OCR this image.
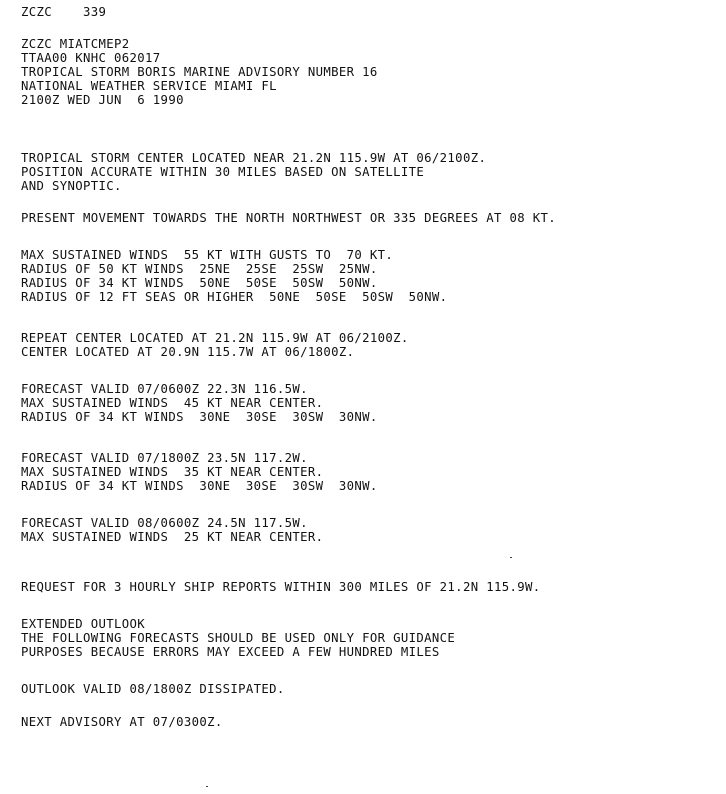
ZCZC    339
ZCZC MIATCMEP2
TTAA00 KNHC 062017
TROPICAL STORM BORIS MARINE ADVISORY NUMBER 16
NATIONAL WEATHER SERVICE MIAMI FL
2100Z WED JUN  6 1990
TROPICAL STORM CENTER LOCATED NEAR 21.2N 115.9W AT 06/2100Z.
POSITION ACCURATE WITHIN 30 MILES BASED ON SATELLITE
AND SYNOPTIC.
PRESENT MOVEMENT TOWARDS THE NORTH NORTHWEST OR 335 DEGREES AT 08 KT.
MAX SUSTAINED WINDS  55 KT WITH GUSTS TO  70 KT.
RADIUS OF 50 KT WINDS  25NE  25SE  25SW  25NW.
RADIUS OF 34 KT WINDS  50NE  50SE  50SW  50NW.
RADIUS OF 12 FT SEAS OR HIGHER  50NE  50SE  50SW  50NW.
REPEAT CENTER LOCATED AT 21.2N 115.9W AT 06/2100Z.
CENTER LOCATED AT 20.9N 115.7W AT 06/1800Z.
FORECAST VALID 07/0600Z 22.3N 116.5W.
MAX SUSTAINED WINDS  45 KT NEAR CENTER.
RADIUS OF 34 KT WINDS  30NE  30SE  30SW  30NW.
FORECAST VALID 07/1800Z 23.5N 117.2W.
MAX SUSTAINED WINDS  35 KT NEAR CENTER.
RADIUS OF 34 KT WINDS  30NE  30SE  30SW  30NW.
FORECAST VALID 08/0600Z 24.5N 117.5W.
MAX SUSTAINED WINDS  25 KT NEAR CENTER.
REQUEST FOR 3 HOURLY SHIP REPORTS WITHIN 300 MILES OF 21.2N 115.9W.
EXTENDED OUTLOOK
THE FOLLOWING FORECASTS SHOULD BE USED ONLY FOR GUIDANCE
PURPOSES BECAUSE ERRORS MAY EXCEED A FEW HUNDRED MILES
OUTLOOK VALID 08/1800Z DISSIPATED.
NEXT ADVISORY AT 07/0300Z.
